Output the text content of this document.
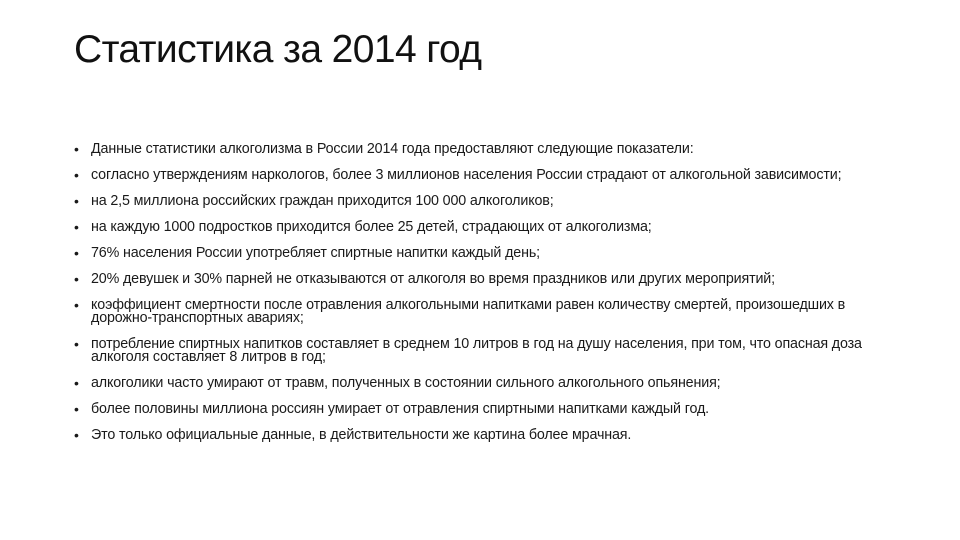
Статистика за 2014 год
• Данные статистики алкоголизма в России 2014 года предоставляют следующие показатели:
• согласно утверждениям наркологов, более 3 миллионов населения России страдают от алкогольной зависимости;
• на 2,5 миллиона российских граждан приходится 100 000 алкоголиков;
• на каждую 1000 подростков приходится более 25 детей, страдающих от алкоголизма;
• 76% населения России употребляет спиртные напитки каждый день;
• 20% девушек и 30% парней не отказываются от алкоголя во время праздников или других мероприятий;
• коэффициент смертности после отравления алкогольными напитками равен количеству смертей, произошедших в дорожно-транспортных авариях;
• потребление спиртных напитков составляет в среднем 10 литров в год на душу населения, при том, что опасная доза алкоголя составляет 8 литров в год;
• алкоголики часто умирают от травм, полученных в состоянии сильного алкогольного опьянения;
• более половины миллиона россиян умирает от отравления спиртными напитками каждый год.
• Это только официальные данные, в действительности же картина более мрачная.
